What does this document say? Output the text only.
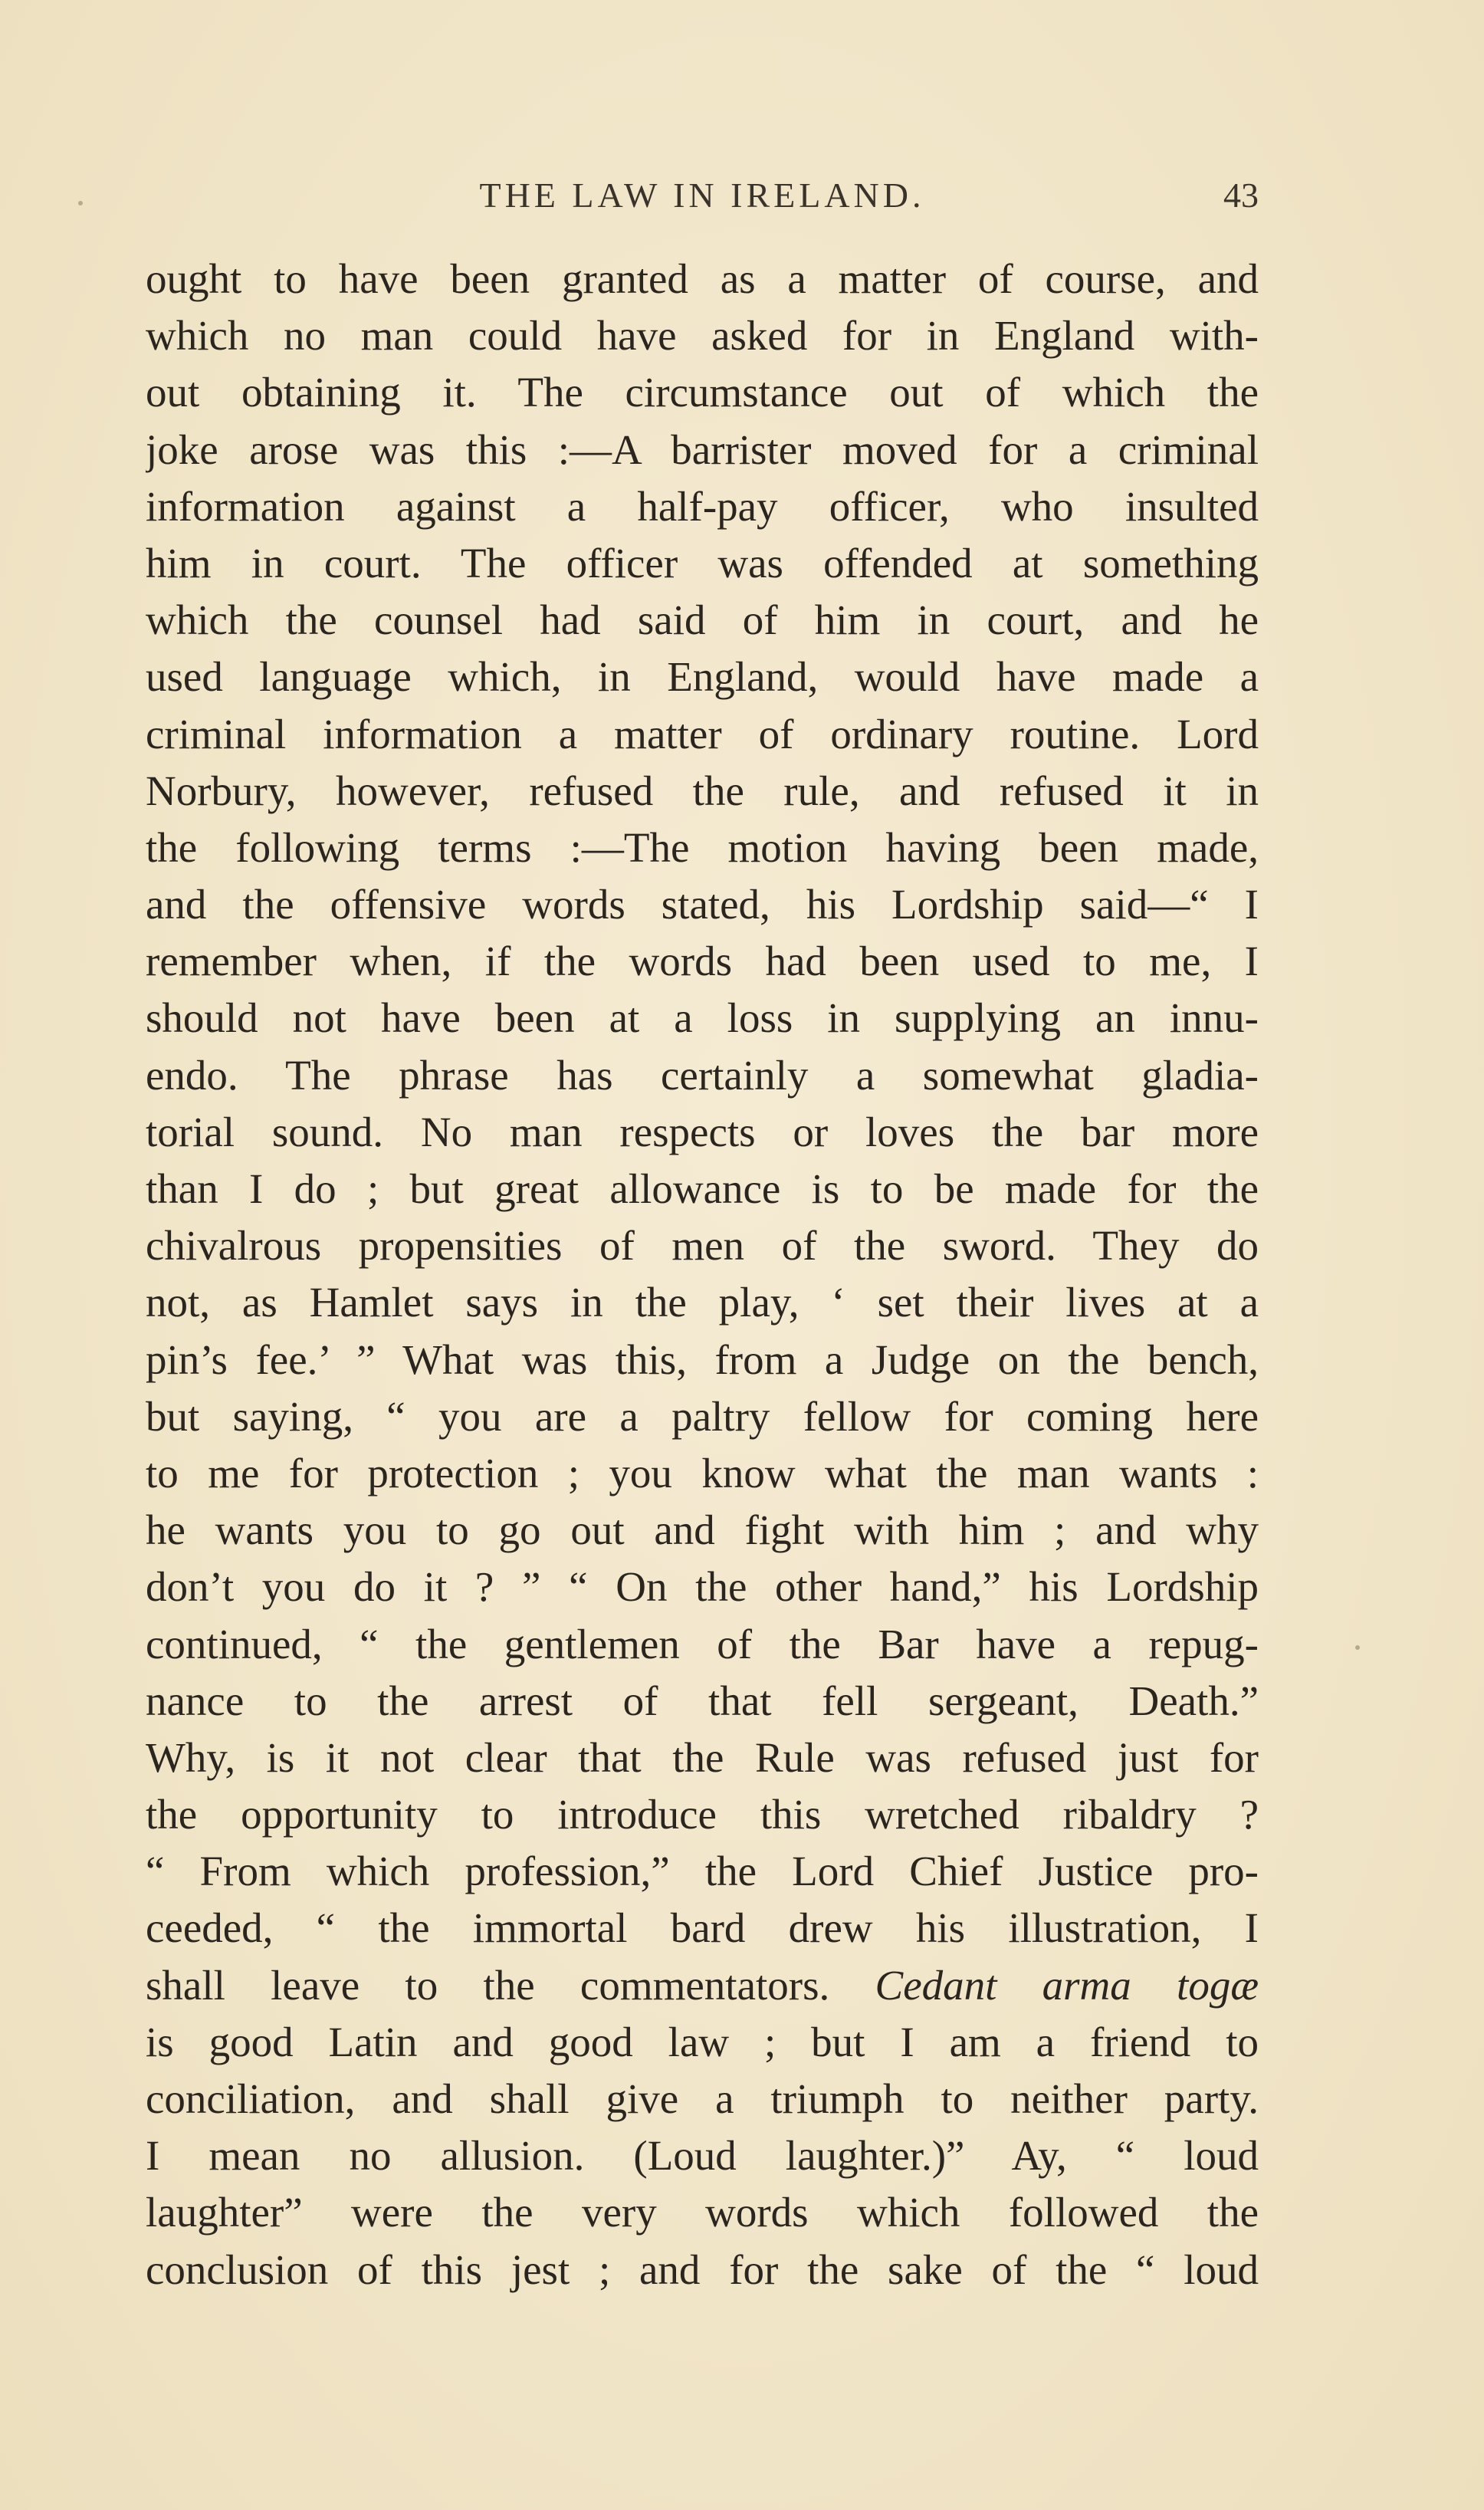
THE LAW IN IRELAND.	43
ought to have been granted as a matter of course, and
which no man could have asked for in England with-
out obtaining it. The circumstance out of which the
joke arose was this :—A barrister moved for a criminal
information against a half-pay officer, who insulted
him in court. The officer was offended at something
which the counsel had said of him in court, and he
used language which, in England, would have made a
criminal information a matter of ordinary routine. Lord
Norbury, however, refused the rule, and refused it in
the following terms :—The motion having been made,
and the offensive words stated, his Lordship said—“ I
remember when, if the words had been used to me, I
should not have been at a loss in supplying an innu-
endo. The phrase has certainly a somewhat gladia-
torial sound. No man respects or loves the bar more
than I do ; but great allowance is to be made for the
chivalrous propensities of men of the sword. They do
not, as Hamlet says in the play, ‘ set their lives at a
pin’s fee.’ ” What was this, from a Judge on the bench,
but saying, “ you are a paltry fellow for coming here
to me for protection ; you know what the man wants :
he wants you to go out and fight with him ; and why
don’t you do it ? ” “ On the other hand,” his Lordship
continued, “ the gentlemen of the Bar have a repug-
nance to the arrest of that fell sergeant, Death.”
Why, is it not clear that the Rule was refused just for
the opportunity to introduce this wretched ribaldry ?
“ From which profession,” the Lord Chief Justice pro-
ceeded, “ the immortal bard drew his illustration, I
shall leave to the commentators. Cedant arma togæ
is good Latin and good law ; but I am a friend to
conciliation, and shall give a triumph to neither party.
I mean no allusion. (Loud laughter.)” Ay, “ loud
laughter” were the very words which followed the
conclusion of this jest ; and for the sake of the “ loud
